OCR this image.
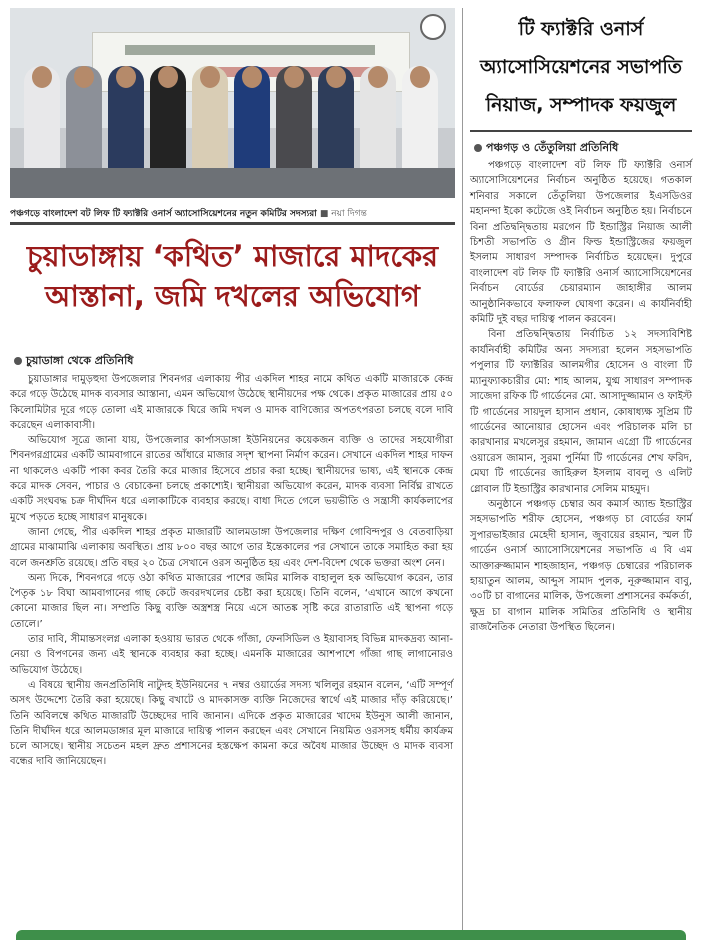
পঞ্চগড়ে বাংলাদেশ বট লিফ টি ফ্যাক্টরি ওনার্স অ্যাসোসিয়েশনের নতুন কমিটির সদস্যরা ■ নয়া দিগন্ত
চুয়াডাঙ্গায় ‘কথিত’ মাজারে মাদকের আস্তানা, জমি দখলের অভিযোগ
চুয়াডাঙ্গা থেকে প্রতিনিধি

চুয়াডাঙ্গার দামুড়হুদা উপজেলার শিবনগর এলাকায় পীর একদিল শাহর নামে কথিত একটি মাজারকে কেন্দ্র করে গড়ে উঠেছে মাদক ব্যবসার আস্তানা, এমন অভিযোগ উঠেছে স্থানীয়দের পক্ষ থেকে। প্রকৃত মাজারের প্রায় ৫০ কিলোমিটার দূরে গড়ে তোলা এই মাজারকে ঘিরে জমি দখল ও মাদক বাণিজ্যের অপতৎপরতা চলছে বলে দাবি করেছেন এলাকাবাসী।

অভিযোগ সূত্রে জানা যায়, উপজেলার কার্পাসডাঙ্গা ইউনিয়নের কয়েকজন ব্যক্তি ও তাদের সহযোগীরা শিবনগরগ্রামের একটি আমবাগানে রাতের আঁধারে মাজার সদৃশ স্থাপনা নির্মাণ করেন। সেখানে একদিল শাহর দাফন না থাকলেও একটি পাকা কবর তৈরি করে মাজার হিসেবে প্রচার করা হচ্ছে। স্থানীয়দের ভাষ্য, এই স্থানকে কেন্দ্র করে মাদক সেবন, পাচার ও বেচাকেনা চলছে প্রকাশ্যেই। স্থানীয়রা অভিযোগ করেন, মাদক ব্যবসা নির্বিঘ্ন রাখতে একটি সংঘবদ্ধ চক্র দীর্ঘদিন ধরে এলাকাটিকে ব্যবহার করছে। বাধা দিতে গেলে ভয়ভীতি ও সন্ত্রাসী কার্যকলাপের মুখে পড়তে হচ্ছে সাধারণ মানুষকে।

জানা গেছে, পীর একদিল শাহর প্রকৃত মাজারটি আলমডাঙ্গা উপজেলার দক্ষিণ গোবিন্দপুর ও বেতবাড়িয়া গ্রামের মাঝামাঝি এলাকায় অবস্থিত। প্রায় ৮০০ বছর আগে তার ইন্তেকালের পর সেখানে তাকে সমাহিত করা হয় বলে জনশ্রুতি রয়েছে। প্রতি বছর ২০ চৈত্র সেখানে ওরস অনুষ্ঠিত হয় এবং দেশ-বিদেশ থেকে ভক্তরা অংশ নেন।

অন্য দিকে, শিবনগরে গড়ে ওঠা কথিত মাজারের পাশের জমির মালিক বাহালুল হক অভিযোগ করেন, তার পৈতৃক ১৮ বিঘা আমবাগানের গাছ কেটে জবরদখলের চেষ্টা করা হয়েছে। তিনি বলেন, ‘এখানে আগে কখনো কোনো মাজার ছিল না। সম্প্রতি কিছু ব্যক্তি অস্ত্রশস্ত্র নিয়ে এসে আতঙ্ক সৃষ্টি করে রাতারাতি এই স্থাপনা গড়ে তোলে।’

তার দাবি, সীমান্তসংলগ্ন এলাকা হওয়ায় ভারত থেকে গাঁজা, ফেনসিডিল ও ইয়াবাসহ বিভিন্ন মাদকদ্রব্য আনা-নেয়া ও বিপণনের জন্য এই স্থানকে ব্যবহার করা হচ্ছে। এমনকি মাজারের আশপাশে গাঁজা গাছ লাগানোরও অভিযোগ উঠেছে।

এ বিষয়ে স্থানীয় জনপ্রতিনিধি নাটুদহ ইউনিয়নের ৭ নম্বর ওয়ার্ডের সদস্য খলিলুর রহমান বলেন, ‘এটি সম্পূর্ণ অসৎ উদ্দেশ্যে তৈরি করা হয়েছে। কিছু বখাটে ও মাদকাসক্ত ব্যক্তি নিজেদের স্বার্থে এই মাজার দাঁড় করিয়েছে।’ তিনি অবিলম্বে কথিত মাজারটি উচ্ছেদের দাবি জানান। এদিকে প্রকৃত মাজারের খাদেম ইউনুস আলী জানান, তিনি দীর্ঘদিন ধরে আলমডাঙ্গার মূল মাজারে দায়িত্ব পালন করছেন এবং সেখানে নিয়মিত ওরসসহ ধর্মীয় কার্যক্রম চলে আসছে। স্থানীয় সচেতন মহল দ্রুত প্রশাসনের হস্তক্ষেপ কামনা করে অবৈধ মাজার উচ্ছেদ ও মাদক ব্যবসা বন্ধের দাবি জানিয়েছেন।

টি ফ্যাক্টরি ওনার্স অ্যাসোসিয়েশনের সভাপতি নিয়াজ, সম্পাদক ফয়জুল
পঞ্চগড় ও তেঁতুলিয়া প্রতিনিধি

পঞ্চগড়ে বাংলাদেশ বট লিফ টি ফ্যাক্টরি ওনার্স অ্যাসোসিয়েশনের নির্বাচন অনুষ্ঠিত হয়েছে। গতকাল শনিবার সকালে তেঁতুলিয়া উপজেলার ইএসডিওর মহানন্দা ইকো কটেজে ওই নির্বাচন অনুষ্ঠিত হয়। নির্বাচনে বিনা প্রতিদ্বন্দ্বিতায় মরগেন টি ইন্ডাস্ট্রির নিয়াজ আলী চিশতী সভাপতি ও গ্রীন ফিল্ড ইন্ডাস্ট্রিজের ফয়জুল ইসলাম সাধারণ সম্পাদক নির্বাচিত হয়েছেন। দুপুরে বাংলাদেশ বট লিফ টি ফ্যাক্টরি ওনার্স অ্যাসোসিয়েশনের নির্বাচন বোর্ডের চেয়ারম্যান জাহাঙ্গীর আলম আনুষ্ঠানিকভাবে ফলাফল ঘোষণা করেন। এ কার্যনির্বাহী কমিটি দুই বছর দায়িত্ব পালন করবেন।

বিনা প্রতিদ্বন্দ্বিতায় নির্বাচিত ১২ সদস্যবিশিষ্ট কার্যনির্বাহী কমিটির অন্য সদস্যরা হলেন সহসভাপতি পপুলার টি ফ্যাক্টরির আলমগীর হোসেন ও বাংলা টি ম্যানুফ্যাকচারীর মো: শাহ আলম, যুগ্ম সাধারণ সম্পাদক সাজেদা রফিক টি গার্ডেনের মো. আসাদুজ্জামান ও ফাইস্ট টি গার্ডেনের সায়দুল হাসান প্রধান, কোষাধ্যক্ষ সুপ্রিম টি গার্ডেনের আনোয়ার হোসেন এবং পরিচালক মলি চা কারখানার মখলেসুর রহমান, জামান এগ্রো টি গার্ডেনের ওয়ারেস জামান, সুরমা পুর্নিমা টি গার্ডেনের শেখ ফরিদ, মেঘা টি গার্ডেনের জাহিরুল ইসলাম বাবলু ও এলিট গ্লোবাল টি ইন্ডাস্ট্রির কারখানার সেলিম মাহমুদ।

অনুষ্ঠানে পঞ্চগড় চেম্বার অব কমার্স অ্যান্ড ইন্ডাস্ট্রির সহসভাপতি শরীফ হোসেন, পঞ্চগড় চা বোর্ডের ফার্ম সুপারভাইজার মেহেদী হাসান, জুবায়ের রহমান, স্মল টি গার্ডেন ওনার্স অ্যাসোসিয়েশনের সভাপতি এ বি এম আক্তারুজ্জামান শাহজাহান, পঞ্চগড় চেম্বারের পরিচালক হায়াতুন আলম, আব্দুস সামাদ পুলক, নূরুজ্জামান বাবু, ৩০টি চা বাগানের মালিক, উপজেলা প্রশাসনের কর্মকর্তা, ক্ষুদ্র চা বাগান মালিক সমিতির প্রতিনিধি ও স্থানীয় রাজনৈতিক নেতারা উপস্থিত ছিলেন।
